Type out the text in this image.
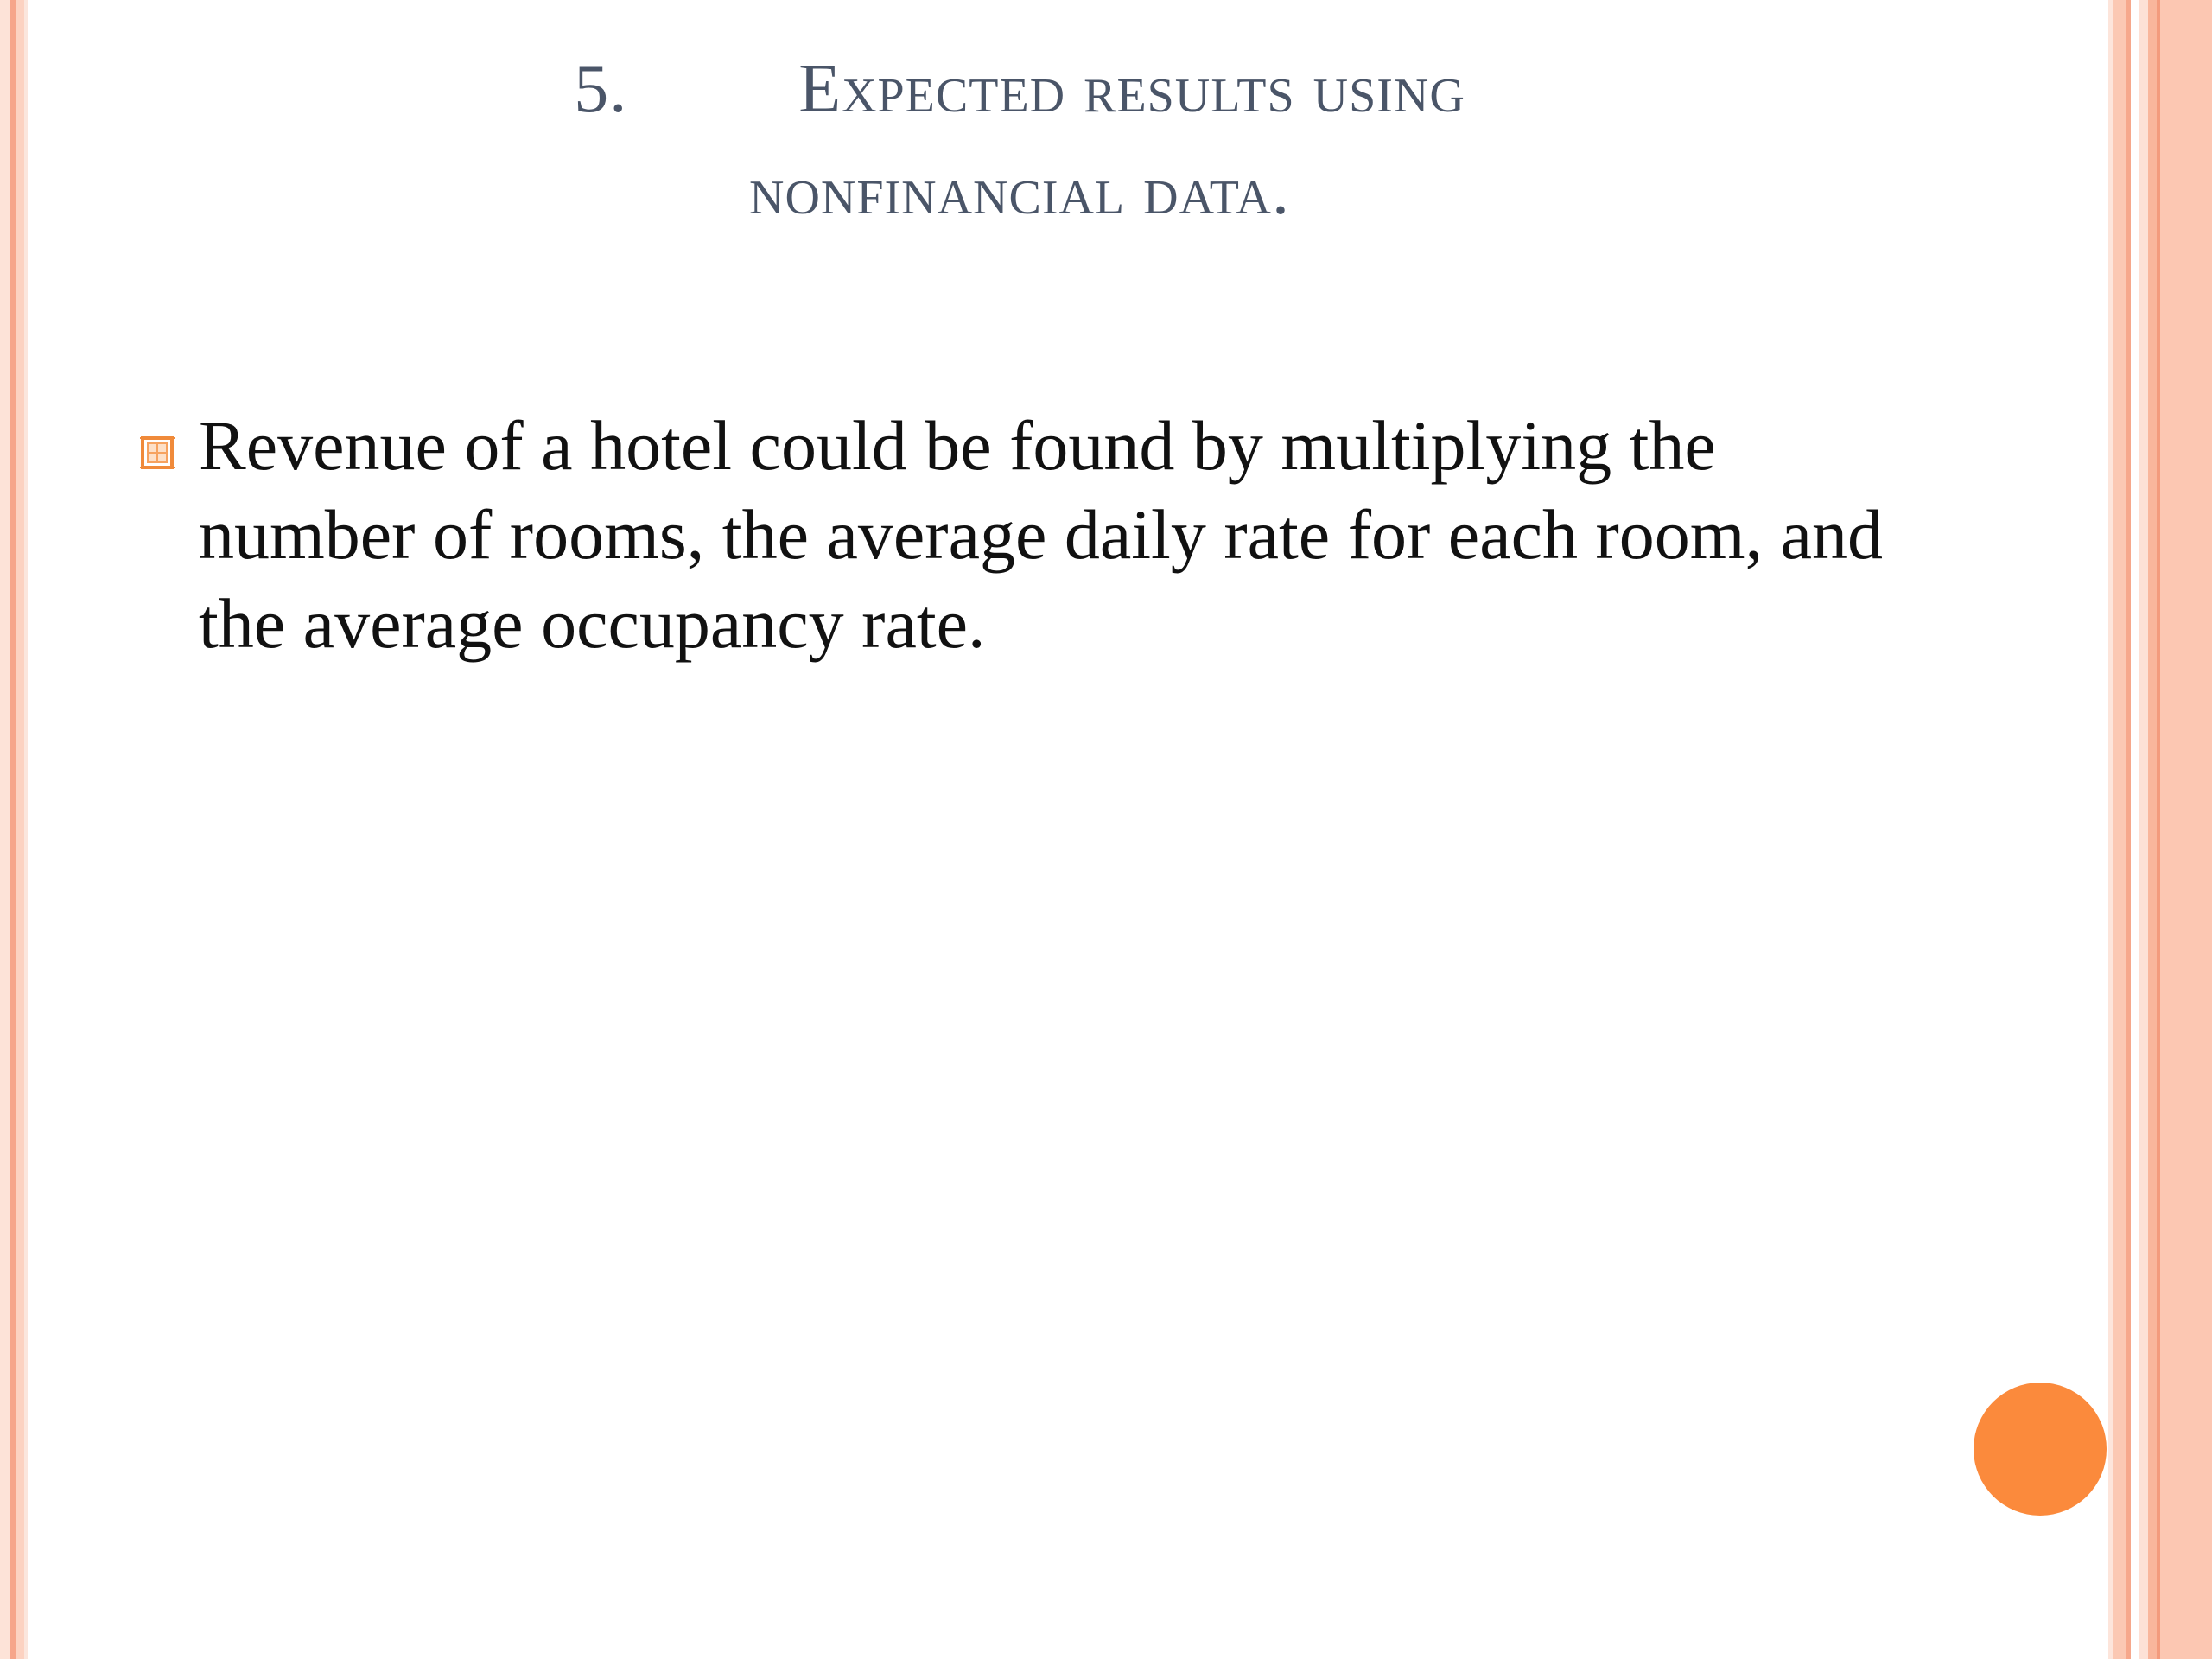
5.	Expected results using
nonfinancial data.
Revenue of a hotel could be found by multiplying the number of rooms, the average daily rate for each room, and the average occupancy rate.
